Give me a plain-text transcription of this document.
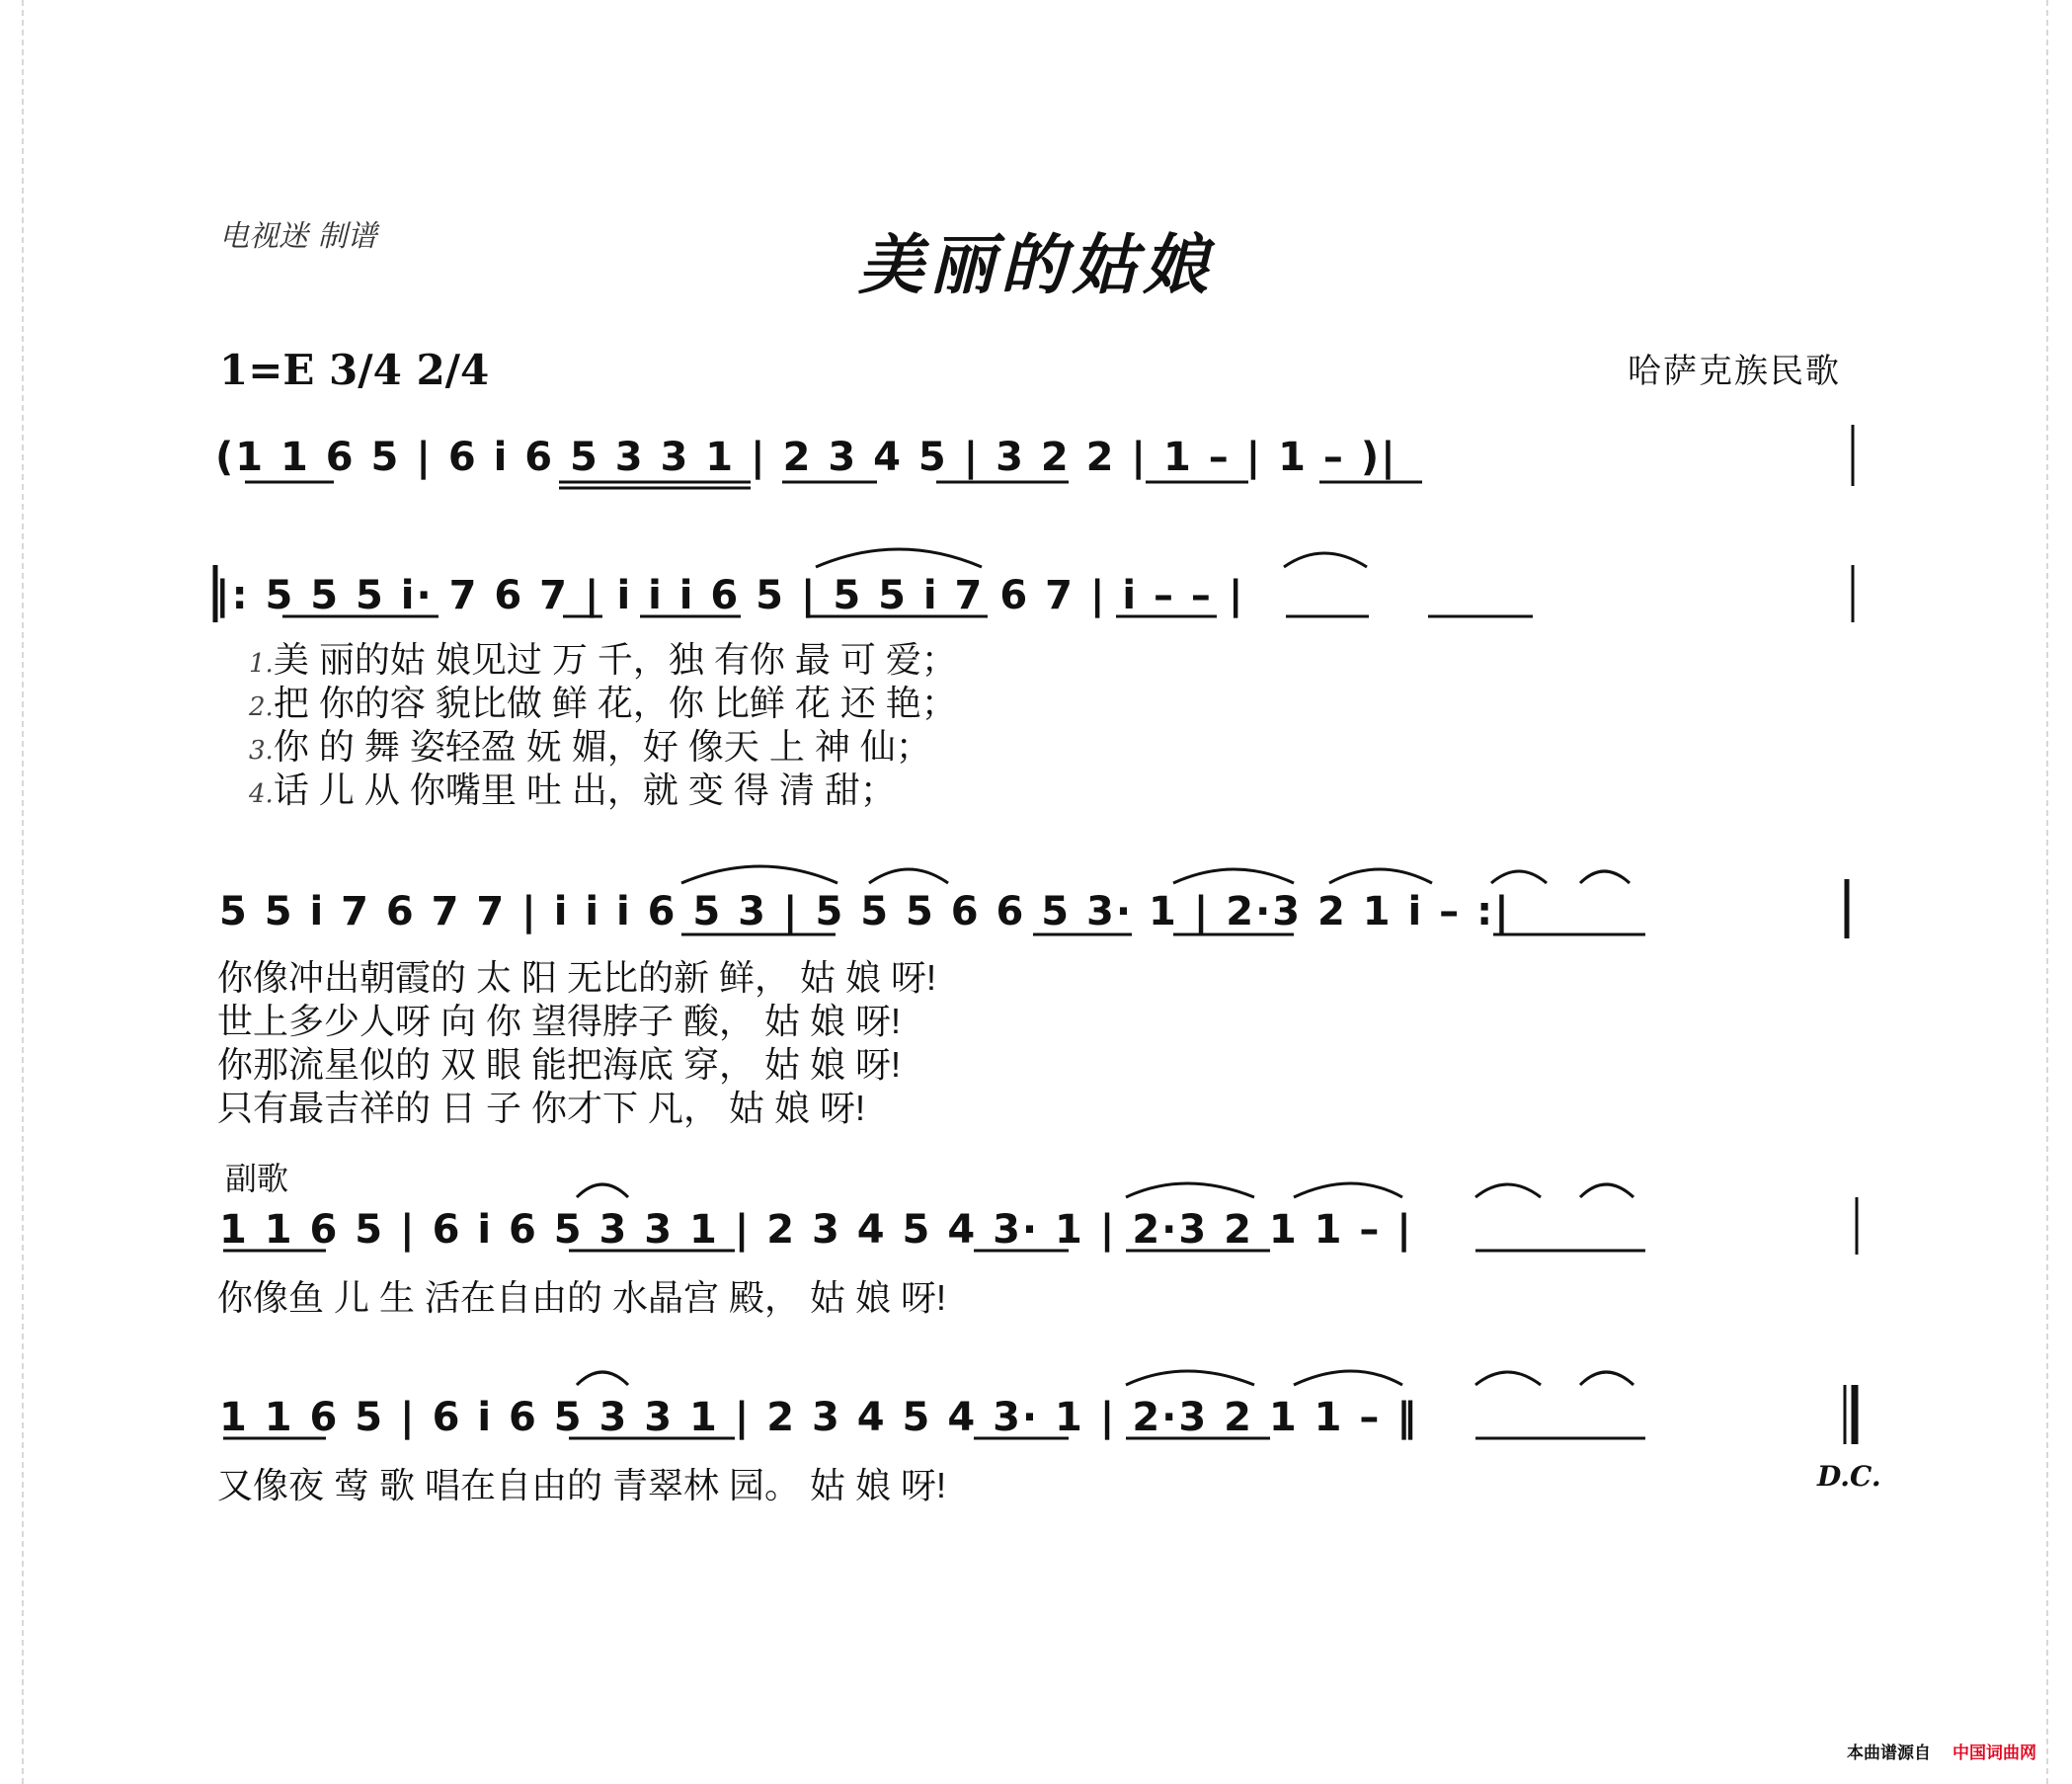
电视迷 制谱	美丽的姑娘
1=E 3/4 2/4	哈萨克族民歌
(1 1 6 5 | 6 i 6 5 3 3 1 | 2 3 4 5 | 3 2 2 | 1 – | 1 – )|
|: 5 5 5 i· 7 6 7 | i i i 6 5 | 5 5 i 7 6 7 | i – – |
1.美 丽的姑 娘见过 万 千，独 有你 最 可 爱；
2.把 你的容 貌比做 鲜 花，你 比鲜 花 还 艳；
3.你 的 舞 姿轻盈 妩 媚，好 像天 上 神 仙；
4.话 儿 从 你嘴里 吐 出，就 变 得 清 甜；
5 5 i 7 6 7 7 | i i i 6 5 3 | 5 5 5 6 6 5 3· 1 | 2·3 2 1 i – :|
你像冲出朝霞的 太 阳 无比的新 鲜， 姑 娘 呀!
世上多少人呀 向 你 望得脖子 酸， 姑 娘 呀!
你那流星似的 双 眼 能把海底 穿， 姑 娘 呀!
只有最吉祥的 日 子 你才下 凡， 姑 娘 呀!
副歌
1 1 6 5 | 6 i 6 5 3 3 1 | 2 3 4 5 4 3· 1 | 2·3 2 1 1 – |
你像鱼 儿 生 活在自由的 水晶宫 殿， 姑 娘 呀!
1 1 6 5 | 6 i 6 5 3 3 1 | 2 3 4 5 4 3· 1 | 2·3 2 1 1 – ‖
又像夜 莺 歌 唱在自由的 青翠林 园。 姑 娘 呀!	D.C.
本曲谱源自 中国词曲网
